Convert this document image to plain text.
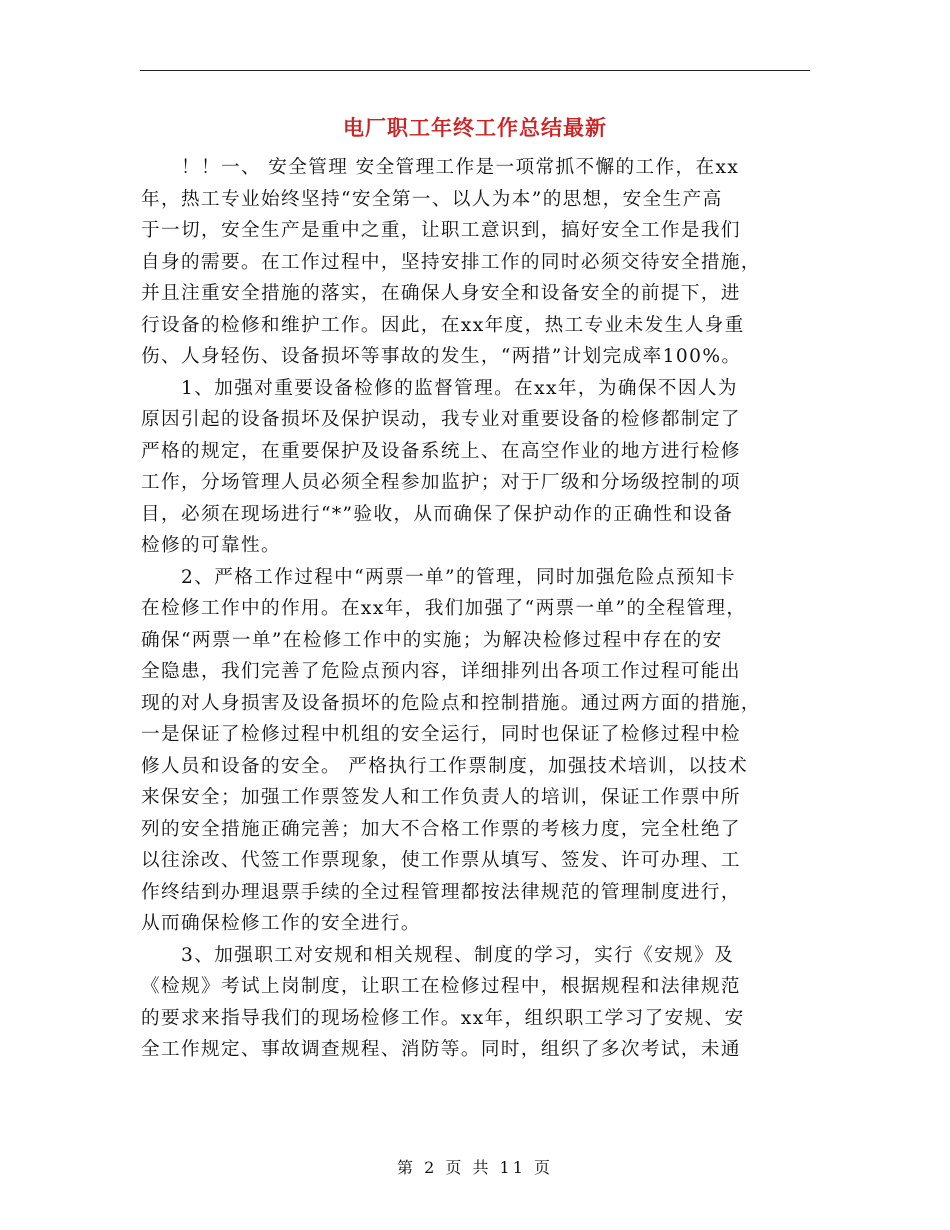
电厂职工年终工作总结最新
！！一、 安全管理 安全管理工作是一项常抓不懈的工作，在xx
年，热工专业始终坚持“安全第一、以人为本”的思想，安全生产高
于一切，安全生产是重中之重，让职工意识到，搞好安全工作是我们
自身的需要。在工作过程中，坚持安排工作的同时必须交待安全措施，
并且注重安全措施的落实，在确保人身安全和设备安全的前提下，进
行设备的检修和维护工作。因此，在xx年度，热工专业未发生人身重
伤、人身轻伤、设备损坏等事故的发生，“两措”计划完成率100%。
1、加强对重要设备检修的监督管理。在xx年，为确保不因人为
原因引起的设备损坏及保护误动，我专业对重要设备的检修都制定了
严格的规定，在重要保护及设备系统上、在高空作业的地方进行检修
工作，分场管理人员必须全程参加监护；对于厂级和分场级控制的项
目，必须在现场进行“*”验收，从而确保了保护动作的正确性和设备
检修的可靠性。
2、严格工作过程中“两票一单”的管理，同时加强危险点预知卡
在检修工作中的作用。在xx年，我们加强了“两票一单”的全程管理，
确保“两票一单”在检修工作中的实施；为解决检修过程中存在的安
全隐患，我们完善了危险点预内容，详细排列出各项工作过程可能出
现的对人身损害及设备损坏的危险点和控制措施。通过两方面的措施，
一是保证了检修过程中机组的安全运行，同时也保证了检修过程中检
修人员和设备的安全。 严格执行工作票制度，加强技术培训，以技术
来保安全；加强工作票签发人和工作负责人的培训，保证工作票中所
列的安全措施正确完善；加大不合格工作票的考核力度，完全杜绝了
以往涂改、代签工作票现象，使工作票从填写、签发、许可办理、工
作终结到办理退票手续的全过程管理都按法律规范的管理制度进行，
从而确保检修工作的安全进行。
3、加强职工对安规和相关规程、制度的学习，实行《安规》及
《检规》考试上岗制度，让职工在检修过程中，根据规程和法律规范
的要求来指导我们的现场检修工作。xx年，组织职工学习了安规、安
全工作规定、事故调查规程、消防等。同时，组织了多次考试，未通
第 2 页 共 11 页
